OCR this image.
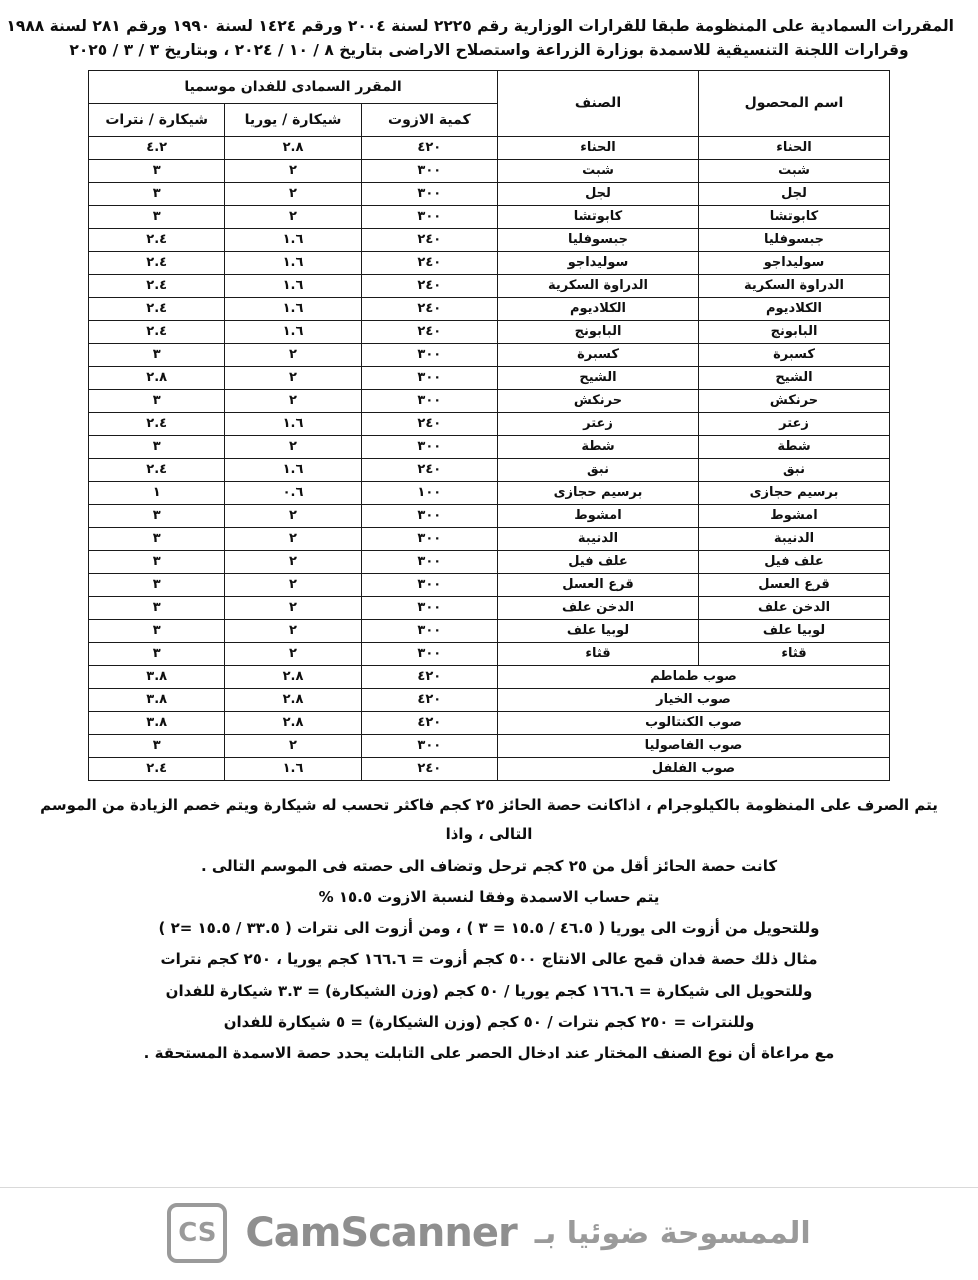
المقررات السمادية على المنظومة طبقا للقرارات الوزارية رقم ٢٢٢٥ لسنة ٢٠٠٤ ورقم ١٤٢٤ لسنة ١٩٩٠ ورقم ٢٨١ لسنة ١٩٨٨
وقرارات اللجنة التنسيقية للاسمدة بوزارة الزراعة واستصلاح الاراضى بتاريخ ٨ / ١٠ / ٢٠٢٤ ، وبتاريخ ٣ / ٣ / ٢٠٢٥
اسم المحصول	الصنف	المقرر السمادى للفدان موسميا		
		كمية الازوت	شيكارة / يوريا	شيكارة / نترات
الحناء	الحناء	٤٢٠	٢.٨	٤.٢
شبت	شبت	٣٠٠	٢	٣
لجل	لجل	٣٠٠	٢	٣
كابوتشا	كابوتشا	٣٠٠	٢	٣
جبسوفليا	جبسوفليا	٢٤٠	١.٦	٢.٤
سوليداجو	سوليداجو	٢٤٠	١.٦	٢.٤
الدراوة السكرية	الدراوة السكرية	٢٤٠	١.٦	٢.٤
الكلاديوم	الكلاديوم	٢٤٠	١.٦	٢.٤
البابونج	البابونج	٢٤٠	١.٦	٢.٤
كسبرة	كسبرة	٣٠٠	٢	٣
الشيح	الشيح	٣٠٠	٢	٢.٨
حرنكش	حرنكش	٣٠٠	٢	٣
زعتر	زعتر	٢٤٠	١.٦	٢.٤
شطة	شطة	٣٠٠	٢	٣
نبق	نبق	٢٤٠	١.٦	٢.٤
برسيم حجازى	برسيم حجازى	١٠٠	٠.٦	١
امشوط	امشوط	٣٠٠	٢	٣
الدنيبة	الدنيبة	٣٠٠	٢	٣
علف فيل	علف فيل	٣٠٠	٢	٣
قرع العسل	قرع العسل	٣٠٠	٢	٣
الدخن علف	الدخن علف	٣٠٠	٢	٣
لوبيا علف	لوبيا علف	٣٠٠	٢	٣
قثاء	قثاء	٣٠٠	٢	٣
صوب طماطم		٤٢٠	٢.٨	٣.٨
صوب الخيار		٤٢٠	٢.٨	٣.٨
صوب الكنتالوب		٤٢٠	٢.٨	٣.٨
صوب الفاصوليا		٣٠٠	٢	٣
صوب الفلفل		٢٤٠	١.٦	٢.٤

يتم الصرف على المنظومة بالكيلوجرام ، اذاكانت حصة الحائز ٢٥ كجم فاكثر تحسب له شيكارة ويتم خصم الزيادة من الموسم التالى ، واذا

كانت حصة الحائز أقل من ٢٥ كجم ترحل وتضاف الى حصته فى الموسم التالى .

يتم حساب الاسمدة وفقا لنسبة الازوت ١٥.٥ %

وللتحويل من أزوت الى يوريا ( ٤٦.٥ / ١٥.٥ = ٣ ) ، ومن أزوت الى نترات ( ٣٣.٥ / ١٥.٥ =٢ )

مثال ذلك حصة فدان قمح عالى الانتاج ٥٠٠ كجم أزوت = ١٦٦.٦ كجم يوريا ، ٢٥٠ كجم نترات

وللتحويل الى شيكارة = ١٦٦.٦ كجم يوريا / ٥٠ كجم (وزن الشيكارة) = ٣.٣ شيكارة للفدان

وللنترات = ٢٥٠ كجم نترات / ٥٠ كجم (وزن الشيكارة) = ٥ شيكارة للفدان

مع مراعاة أن نوع الصنف المختار عند ادخال الحصر على التابلت يحدد حصة الاسمدة المستحقة .

الممسوحة ضوئيا بـ
CamScanner
CS
